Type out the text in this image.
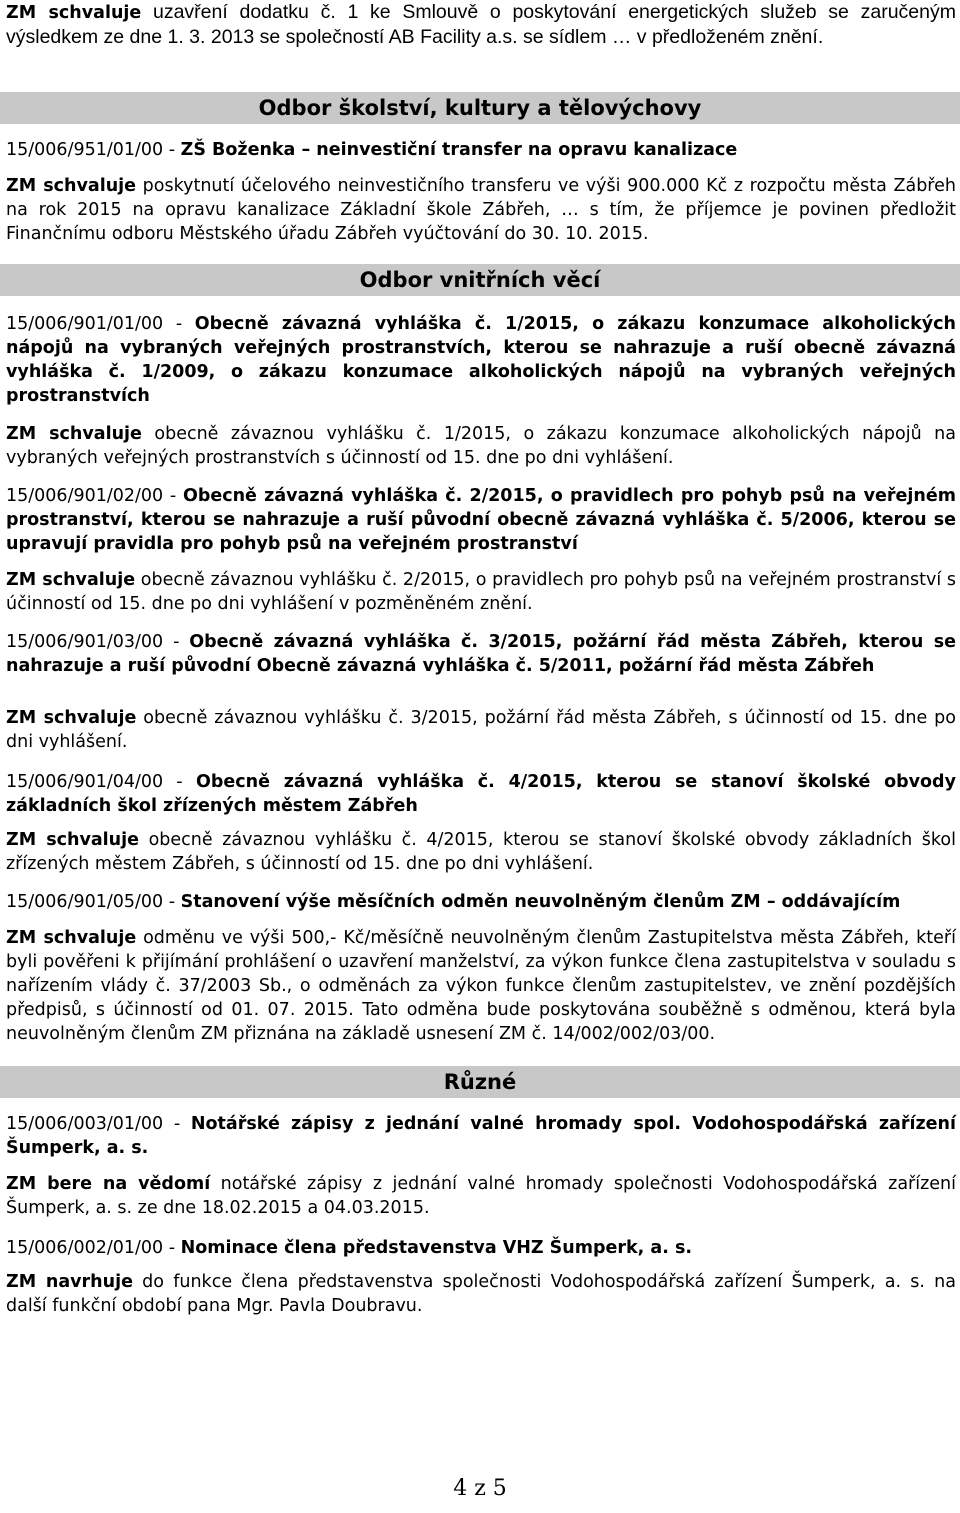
ZM schvaluje uzavření dodatku č. 1 ke Smlouvě o poskytování energetických služeb se zaručeným výsledkem ze dne 1. 3. 2013 se společností AB Facility a.s. se sídlem … v předloženém znění.

Odbor školství, kultury a tělovýchovy

15/006/951/01/00 - ZŠ Boženka – neinvestiční transfer na opravu kanalizace

ZM schvaluje poskytnutí účelového neinvestičního transferu ve výši 900.000 Kč z rozpočtu města Zábřeh na rok 2015 na opravu kanalizace Základní škole Zábřeh, … s tím, že příjemce je povinen předložit Finančnímu odboru Městského úřadu Zábřeh vyúčtování do 30. 10. 2015.

Odbor vnitřních věcí

15/006/901/01/00 - Obecně závazná vyhláška č. 1/2015, o zákazu konzumace alkoholických nápojů na vybraných veřejných prostranstvích, kterou se nahrazuje a ruší obecně závazná vyhláška č. 1/2009, o zákazu konzumace alkoholických nápojů na vybraných veřejných prostranstvích

ZM schvaluje obecně závaznou vyhlášku č. 1/2015, o zákazu konzumace alkoholických nápojů na vybraných veřejných prostranstvích s účinností od 15. dne po dni vyhlášení.

15/006/901/02/00 - Obecně závazná vyhláška č. 2/2015, o pravidlech pro pohyb psů na veřejném prostranství, kterou se nahrazuje a ruší původní obecně závazná vyhláška č. 5/2006, kterou se upravují pravidla pro pohyb psů na veřejném prostranství

ZM schvaluje obecně závaznou vyhlášku č. 2/2015, o pravidlech pro pohyb psů na veřejném prostranství s účinností od 15. dne po dni vyhlášení v pozměněném znění.

15/006/901/03/00 - Obecně závazná vyhláška č. 3/2015, požární řád města Zábřeh, kterou se nahrazuje a ruší původní Obecně závazná vyhláška č. 5/2011, požární řád města Zábřeh

ZM schvaluje obecně závaznou vyhlášku č. 3/2015, požární řád města Zábřeh, s účinností od 15. dne po dni vyhlášení.

15/006/901/04/00 - Obecně závazná vyhláška č. 4/2015, kterou se stanoví školské obvody základních škol zřízených městem Zábřeh

ZM schvaluje obecně závaznou vyhlášku č. 4/2015, kterou se stanoví školské obvody základních škol zřízených městem Zábřeh, s účinností od 15. dne po dni vyhlášení.

15/006/901/05/00 - Stanovení výše měsíčních odměn neuvolněným členům ZM – oddávajícím

ZM schvaluje odměnu ve výši 500,- Kč/měsíčně neuvolněným členům Zastupitelstva města Zábřeh, kteří byli pověřeni k přijímání prohlášení o uzavření manželství, za výkon funkce člena zastupitelstva v souladu s nařízením vlády č. 37/2003 Sb., o odměnách za výkon funkce členům zastupitelstev, ve znění pozdějších předpisů, s účinností od 01. 07. 2015. Tato odměna bude poskytována souběžně s odměnou, která byla neuvolněným členům ZM přiznána na základě usnesení ZM č. 14/002/002/03/00.

Různé

15/006/003/01/00 - Notářské zápisy z jednání valné hromady spol. Vodohospodářská zařízení Šumperk, a. s.

ZM bere na vědomí notářské zápisy z jednání valné hromady společnosti Vodohospodářská zařízení Šumperk, a. s. ze dne 18.02.2015 a 04.03.2015.

15/006/002/01/00 - Nominace člena představenstva VHZ Šumperk, a. s.

ZM navrhuje do funkce člena představenstva společnosti Vodohospodářská zařízení Šumperk, a. s. na další funkční období pana Mgr. Pavla Doubravu.

4 z 5
